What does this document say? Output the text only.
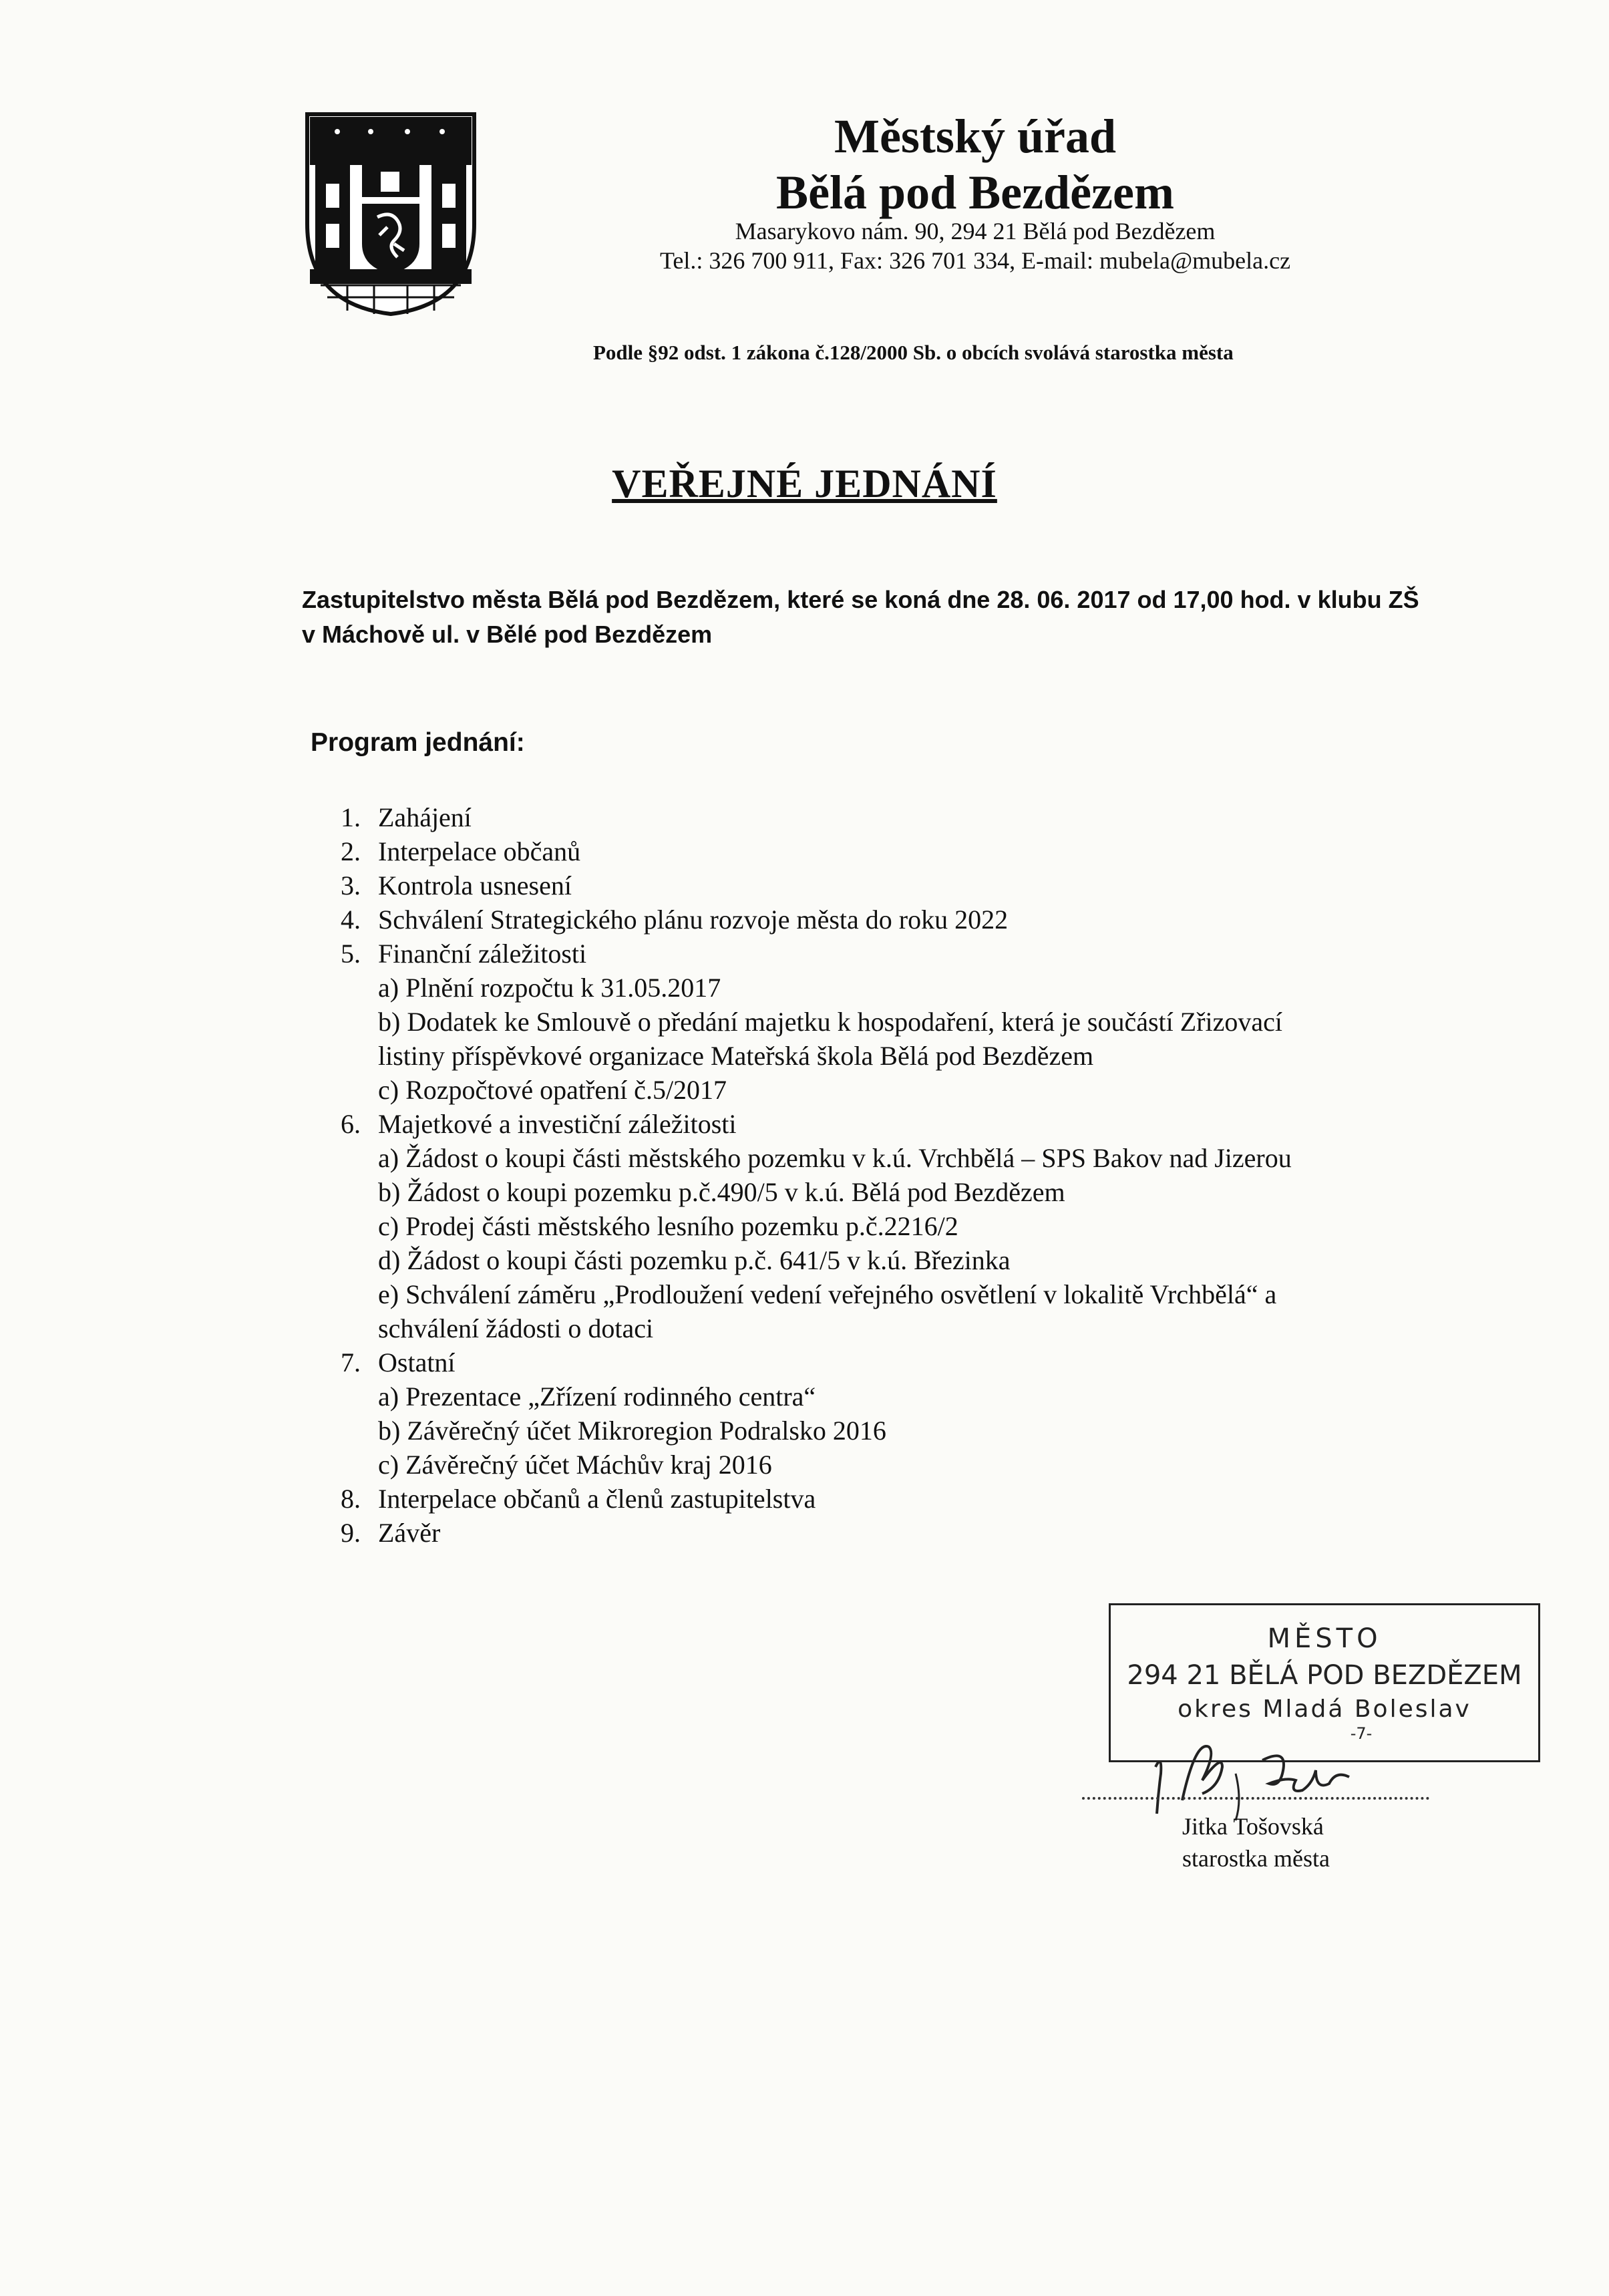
Městský úřad
Bělá pod Bezdězem
Masarykovo nám. 90, 294 21 Bělá pod Bezdězem
Tel.: 326 700 911, Fax: 326 701 334, E-mail: mubela@mubela.cz
Podle §92 odst. 1 zákona č.128/2000 Sb. o obcích svolává starostka města
VEŘEJNÉ JEDNÁNÍ
Zastupitelstvo města Bělá pod Bezdězem, které se koná dne 28. 06. 2017 od 17,00 hod. v klubu ZŠ
v Máchově ul. v Bělé pod Bezdězem
Program jednání:
1. Zahájení
2. Interpelace občanů
3. Kontrola usnesení
4. Schválení Strategického plánu rozvoje města do roku 2022
5. Finanční záležitosti
a) Plnění rozpočtu k 31.05.2017
b) Dodatek ke Smlouvě o předání majetku k hospodaření, která je součástí Zřizovací
listiny příspěvkové organizace Mateřská škola Bělá pod Bezdězem
c) Rozpočtové opatření č.5/2017
6. Majetkové a investiční záležitosti
a) Žádost o koupi části městského pozemku v k.ú. Vrchbělá – SPS Bakov nad Jizerou
b) Žádost o koupi pozemku p.č.490/5 v k.ú. Bělá pod Bezdězem
c) Prodej části městského lesního pozemku p.č.2216/2
d) Žádost o koupi části pozemku p.č. 641/5 v k.ú. Březinka
e) Schválení záměru „Prodloužení vedení veřejného osvětlení v lokalitě Vrchbělá“ a
schválení žádosti o dotaci
7. Ostatní
a) Prezentace „Zřízení rodinného centra“
b) Závěrečný účet Mikroregion Podralsko 2016
c) Závěrečný účet Máchův kraj 2016
8. Interpelace občanů a členů zastupitelstva
9. Závěr
MĚSTO
294 21 BĚLÁ POD BEZDĚZEM
okres Mladá Boleslav
-7-
Jitka Tošovská
starostka města
